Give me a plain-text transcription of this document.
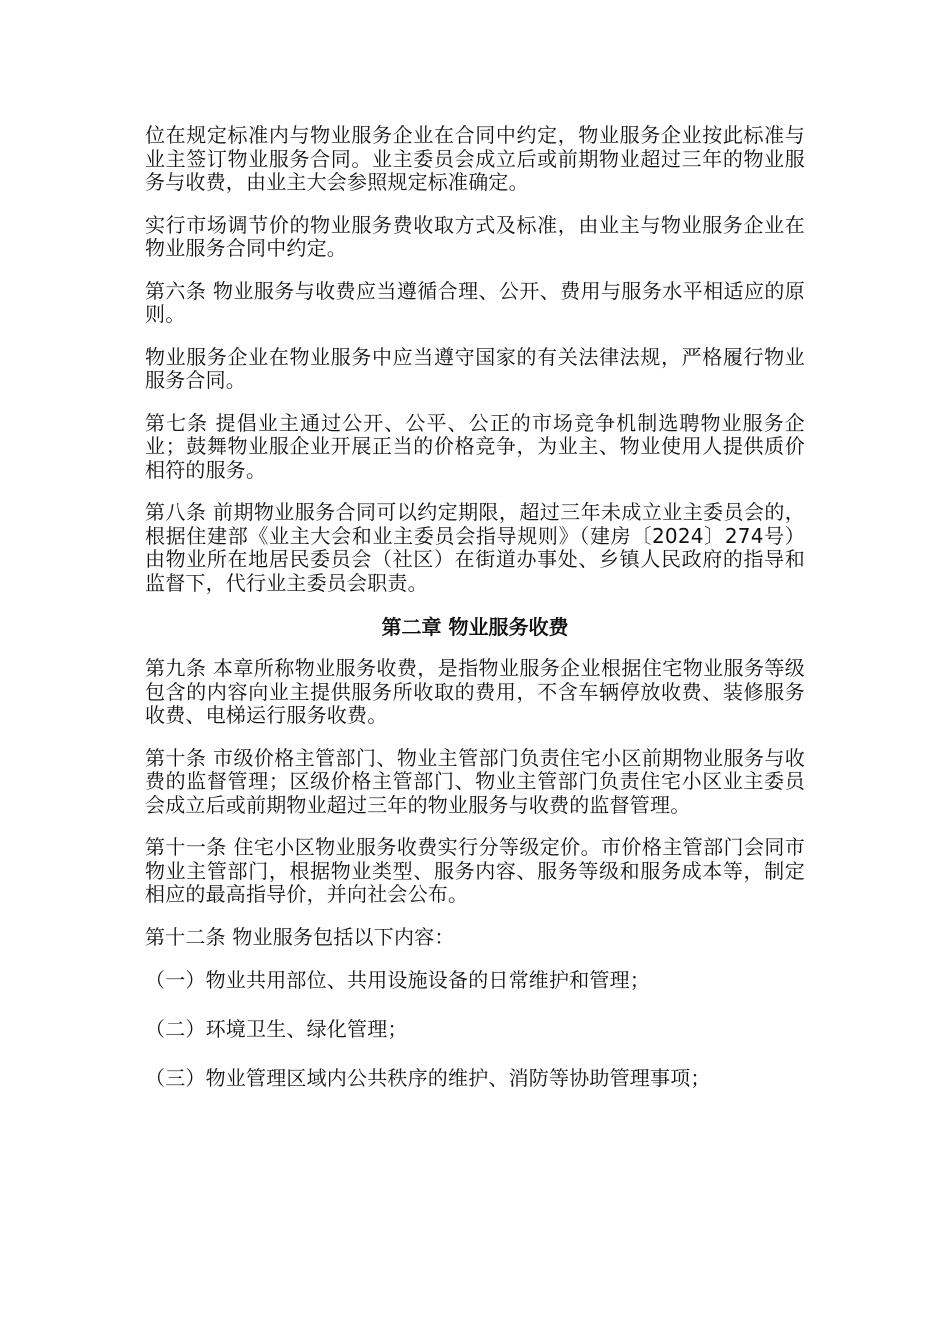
位在规定标准内与物业服务企业在合同中约定，物业服务企业按此标准与业主签订物业服务合同。业主委员会成立后或前期物业超过三年的物业服务与收费，由业主大会参照规定标准确定。

实行市场调节价的物业服务费收取方式及标准，由业主与物业服务企业在物业服务合同中约定。

第六条 物业服务与收费应当遵循合理、公开、费用与服务水平相适应的原则。

物业服务企业在物业服务中应当遵守国家的有关法律法规，严格履行物业服务合同。

第七条 提倡业主通过公开、公平、公正的市场竞争机制选聘物业服务企业；鼓舞物业服企业开展正当的价格竞争，为业主、物业使用人提供质价相符的服务。

第八条 前期物业服务合同可以约定期限，超过三年未成立业主委员会的，根据住建部《业主大会和业主委员会指导规则》（建房〔2024〕274号）由物业所在地居民委员会（社区）在街道办事处、乡镇人民政府的指导和监督下，代行业主委员会职责。

第二章 物业服务收费

第九条 本章所称物业服务收费，是指物业服务企业根据住宅物业服务等级包含的内容向业主提供服务所收取的费用，不含车辆停放收费、装修服务收费、电梯运行服务收费。

第十条 市级价格主管部门、物业主管部门负责住宅小区前期物业服务与收费的监督管理；区级价格主管部门、物业主管部门负责住宅小区业主委员会成立后或前期物业超过三年的物业服务与收费的监督管理。

第十一条 住宅小区物业服务收费实行分等级定价。市价格主管部门会同市物业主管部门，根据物业类型、服务内容、服务等级和服务成本等，制定相应的最高指导价，并向社会公布。

第十二条 物业服务包括以下内容：

（一）物业共用部位、共用设施设备的日常维护和管理；
（二）环境卫生、绿化管理；
（三）物业管理区域内公共秩序的维护、消防等协助管理事项；
